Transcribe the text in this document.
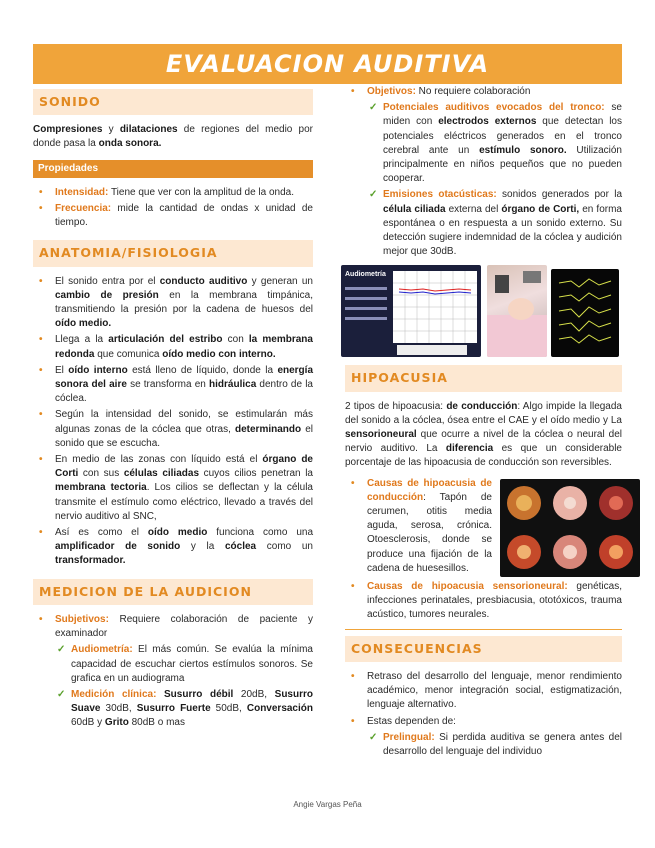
EVALUACION AUDITIVA
SONIDO

Compresiones y dilataciones de regiones del medio por donde pasa la onda sonora.

Propiedades
• Intensidad: Tiene que ver con la amplitud de la onda.
• Frecuencia: mide la cantidad de ondas x unidad de tiempo.
ANATOMIA/FISIOLOGIA
• El sonido entra por el conducto auditivo y generan un cambio de presión en la membrana timpánica, transmitiendo la presión por la cadena de huesos del oído medio.
• Llega a la articulación del estribo con la membrana redonda que comunica oído medio con interno.
• El oído interno está lleno de líquido, donde la energía sonora del aire se transforma en hidráulica dentro de la cóclea.
• Según la intensidad del sonido, se estimularán más algunas zonas de la cóclea que otras, determinando el sonido que se escucha.
• En medio de las zonas con líquido está el órgano de Corti con sus células ciliadas cuyos cilios penetran la membrana tectoria. Los cilios se deflectan y la célula transmite el estímulo como eléctrico, llevado a través del nervio auditivo al SNC,
• Así es como el oído medio funciona como una amplificador de sonido y la cóclea como un transformador.
MEDICION DE LA AUDICION
• Subjetivos: Requiere colaboración de paciente y examinador
✓ Audiometría: El más común. Se evalúa la mínima capacidad de escuchar ciertos estímulos sonoros. Se grafica en un audiograma
✓ Medición clínica: Susurro débil 20dB, Susurro Suave 30dB, Susurro Fuerte 50dB, Conversación 60dB y Grito 80dB o mas
• Objetivos: No requiere colaboración
✓ Potenciales auditivos evocados del tronco: se miden con electrodos externos que detectan los potenciales eléctricos generados en el tronco cerebral ante un estímulo sonoro. Utilización principalmente en niños pequeños que no pueden cooperar.
✓ Emisiones otacústicas: sonidos generados por la célula ciliada externa del órgano de Corti, en forma espontánea o en respuesta a un sonido externo. Su detección sugiere indemnidad de la cóclea y audición mejor que 30dB.
Audiometría
HIPOACUSIA

2 tipos de hipoacusia: de conducción: Algo impide la llegada del sonido a la cóclea, ósea entre el CAE y el oído medio y La sensorioneural que ocurre a nivel de la cóclea o neural del nervio auditivo. La diferencia es que un considerable porcentaje de las hipoacusia de conducción son reversibles.

• Causas de hipoacusia de conducción: Tapón de cerumen, otitis media aguda, serosa, crónica. Otoesclerosis, donde se produce una fijación de la cadena de huesesillos.
• Causas de hipoacusia sensorioneural: genéticas, infecciones perinatales, presbiacusia, ototóxicos, trauma acústico, tumores neurales.
CONSECUENCIAS
• Retraso del desarrollo del lenguaje, menor rendimiento académico, menor integración social, estigmatización, lenguaje alternativo.
• Estas dependen de:
✓ Prelingual: Si perdida auditiva se genera antes del desarrollo del lenguaje del individuo
Angie Vargas Peña
